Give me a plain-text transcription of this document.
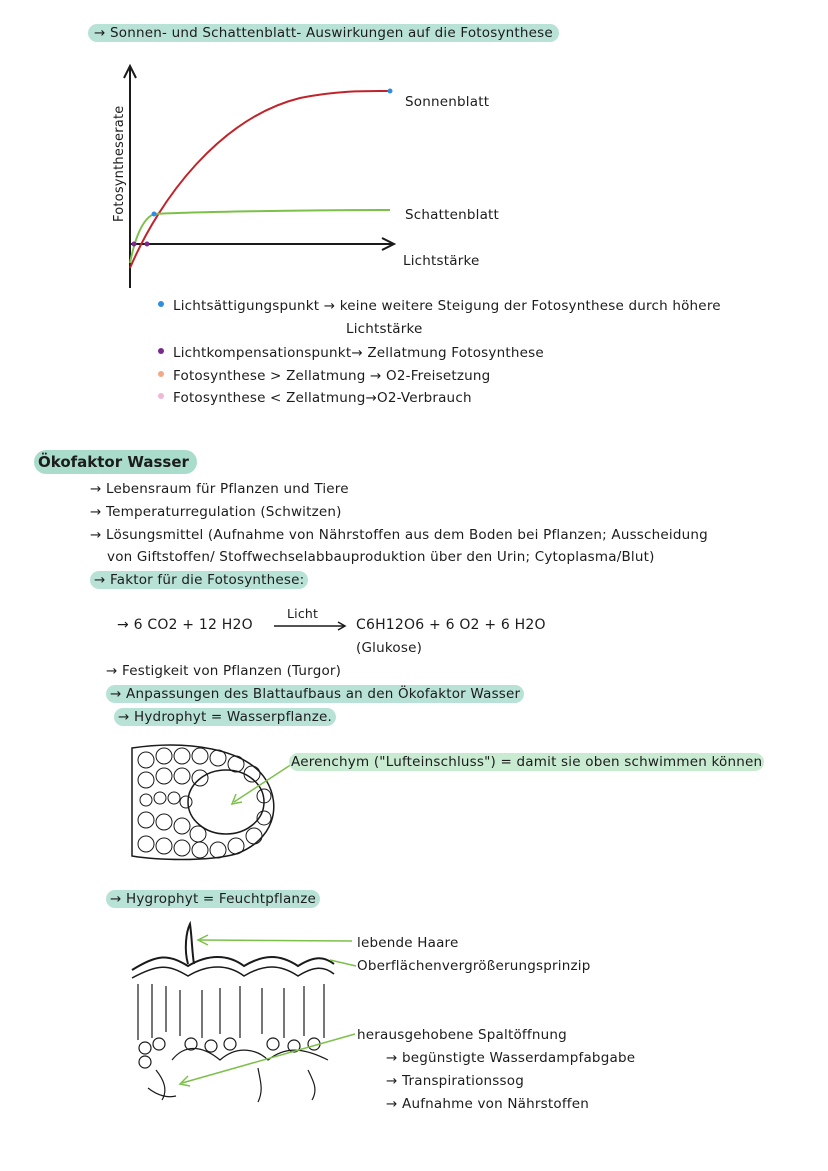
→ Sonnen- und Schattenblatt- Auswirkungen auf die Fotosynthese
Fotosyntheserate
Sonnenblatt
Schattenblatt
Lichtstärke
Lichtsättigungspunkt → keine weitere Steigung der Fotosynthese durch höhere
Lichtstärke
Lichtkompensationspunkt→ Zellatmung Fotosynthese
Fotosynthese > Zellatmung → O2-Freisetzung
Fotosynthese < Zellatmung→O2-Verbrauch
Ökofaktor Wasser
→ Lebensraum für Pflanzen und Tiere
→ Temperaturregulation (Schwitzen)
→ Lösungsmittel (Aufnahme von Nährstoffen aus dem Boden bei Pflanzen; Ausscheidung
von Giftstoffen/ Stoffwechselabbauproduktion über den Urin; Cytoplasma/Blut)
→ Faktor für die Fotosynthese:
→ 6 CO2 + 12 H2O
Licht
C6H12O6 + 6 O2 + 6 H2O
(Glukose)
→ Festigkeit von Pflanzen (Turgor)
→ Anpassungen des Blattaufbaus an den Ökofaktor Wasser
→ Hydrophyt = Wasserpflanze.
Aerenchym ("Lufteinschluss") = damit sie oben schwimmen können
→ Hygrophyt = Feuchtpflanze
lebende Haare
Oberflächenvergrößerungsprinzip
herausgehobene Spaltöffnung
→ begünstigte Wasserdampfabgabe
→ Transpirationssog
→ Aufnahme von Nährstoffen
